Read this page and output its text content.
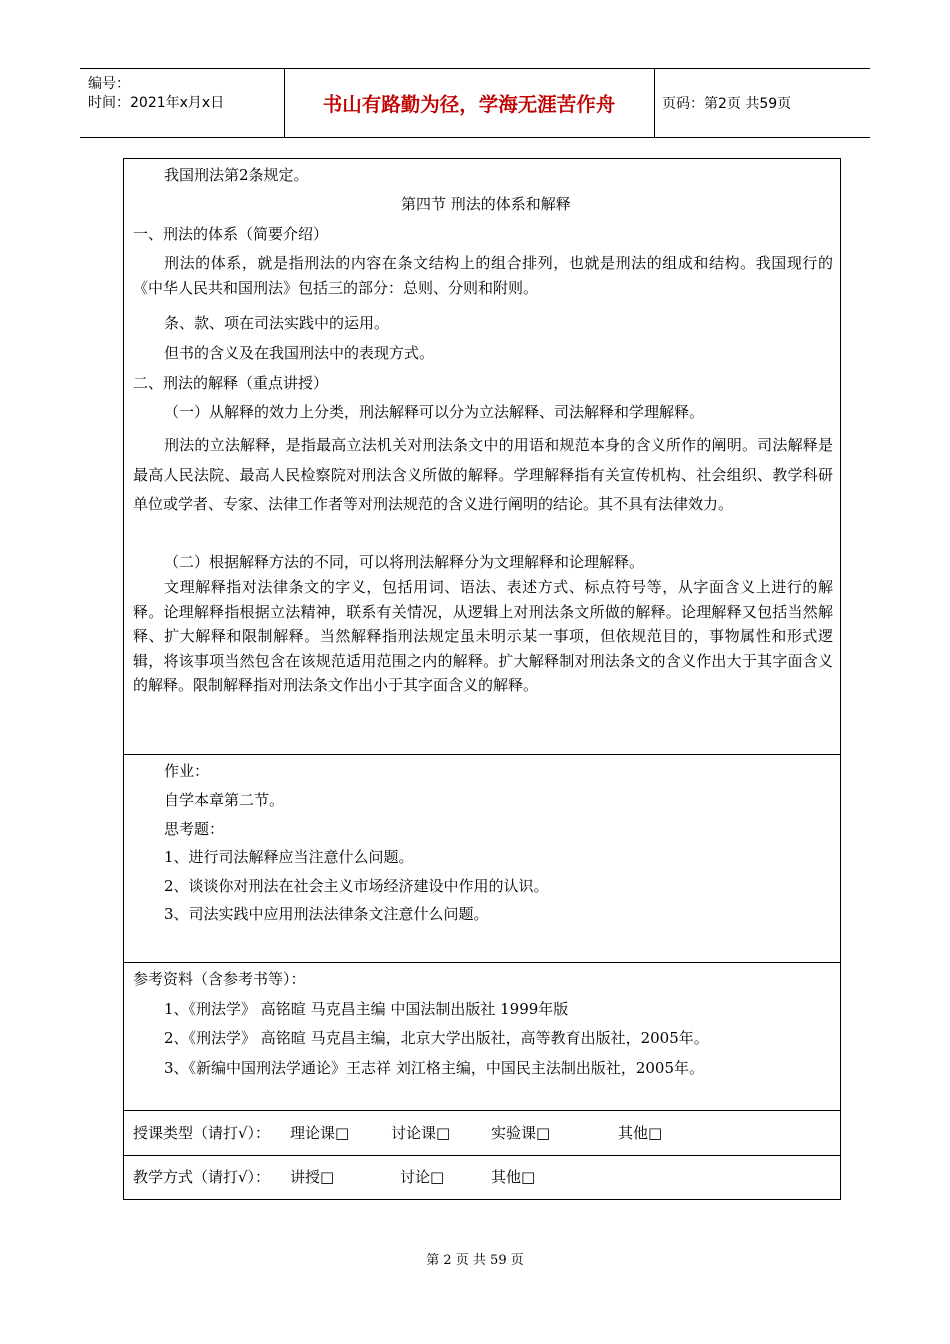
编号：
时间：2021年x月x日	书山有路勤为径，学海无涯苦作舟	页码：第2页 共59页
我国刑法第2条规定。
第四节 刑法的体系和解释
一、刑法的体系（简要介绍）
刑法的体系，就是指刑法的内容在条文结构上的组合排列，也就是刑法的组成和结构。我国现行的《中华人民共和国刑法》包括三的部分：总则、分则和附则。
条、款、项在司法实践中的运用。
但书的含义及在我国刑法中的表现方式。
二、刑法的解释（重点讲授）
（一）从解释的效力上分类，刑法解释可以分为立法解释、司法解释和学理解释。
刑法的立法解释，是指最高立法机关对刑法条文中的用语和规范本身的含义所作的阐明。司法解释是最高人民法院、最高人民检察院对刑法含义所做的解释。学理解释指有关宣传机构、社会组织、教学科研单位或学者、专家、法律工作者等对刑法规范的含义进行阐明的结论。其不具有法律效力。
（二）根据解释方法的不同，可以将刑法解释分为文理解释和论理解释。
文理解释指对法律条文的字义，包括用词、语法、表述方式、标点符号等，从字面含义上进行的解释。论理解释指根据立法精神，联系有关情况，从逻辑上对刑法条文所做的解释。论理解释又包括当然解释、扩大解释和限制解释。当然解释指刑法规定虽未明示某一事项，但依规范目的，事物属性和形式逻辑，将该事项当然包含在该规范适用范围之内的解释。扩大解释制对刑法条文的含义作出大于其字面含义的解释。限制解释指对刑法条文作出小于其字面含义的解释。
作业：
自学本章第二节。
思考题：
1、进行司法解释应当注意什么问题。
2、谈谈你对刑法在社会主义市场经济建设中作用的认识。
3、司法实践中应用刑法法律条文注意什么问题。
参考资料（含参考书等）：
1、《刑法学》 高铭暄 马克昌主编 中国法制出版社 1999年版
2、《刑法学》 高铭暄 马克昌主编，北京大学出版社，高等教育出版社，2005年。
3、《新编中国刑法学通论》王志祥 刘江格主编，中国民主法制出版社，2005年。
授课类型（请打√）： 理论课□	讨论课□	实验课□	其他□
教学方式（请打√）： 讲授□	讨论□	其他□
第 2 页 共 59 页
